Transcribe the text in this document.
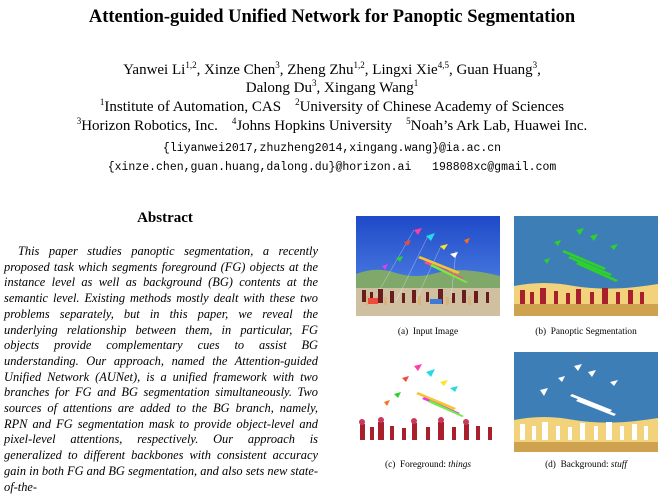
Attention-guided Unified Network for Panoptic Segmentation
Yanwei Li$^{1,2}$, Xinze Chen$^3$, Zheng Zhu$^{1,2}$, Lingxi Xie$^{4,5}$, Guan Huang$^3$,
Dalong Du$^3$, Xingang Wang$^1$
$^1$Institute of Automation, CAS $^2$University of Chinese Academy of Sciences
$^3$Horizon Robotics, Inc. $^4$Johns Hopkins University $^5$Noah’s Ark Lab, Huawei Inc.
{liyanwei2017,zhuzheng2014,xingang.wang}@ia.ac.cn
{xinze.chen,guan.huang,dalong.du}@horizon.ai   198808xc@gmail.com
Abstract
This paper studies panoptic segmentation, a recently proposed task which segments foreground (FG) objects at the instance level as well as background (BG) contents at the semantic level. Existing methods mostly dealt with these two problems separately, but in this paper, we reveal the underlying relationship between them, in particular, FG objects provide complementary cues to assist BG understanding. Our approach, named the Attention-guided Unified Network (AUNet), is a unified framework with two branches for FG and BG segmentation simultaneously. Two sources of attentions are added to the BG branch, namely, RPN and FG segmentation mask to provide object-level and pixel-level attentions, respectively. Our approach is generalized to different backbones with consistent accuracy gain in both FG and BG segmentation, and also sets new state-of-the-
(a) Input Image	(b) Panoptic Segmentation
(c) Foreground: things	(d) Background: stuff
